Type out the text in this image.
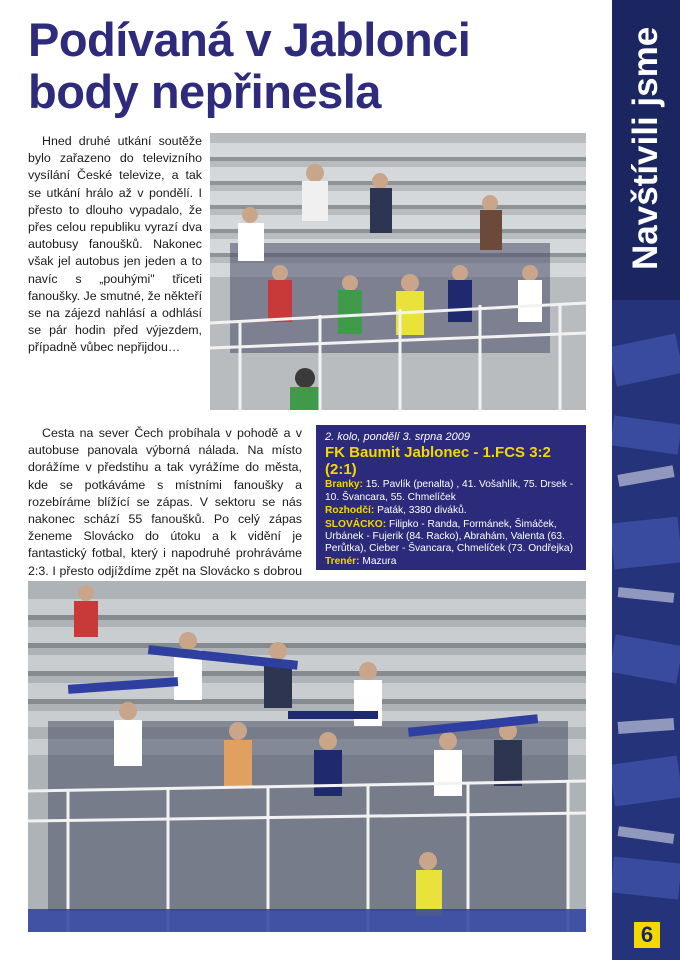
Podívaná v Jablonci
body nepřinesla

Hned druhé utkání soutěže bylo zařazeno do televizního vysílání České televize, a tak se utkání hrálo až v pondělí. I přesto to dlouho vypadalo, že přes celou republiku vyrazí dva autobusy fanoušků. Nakonec však jel autobus jen jeden a to navíc s „pouhými" třiceti fanoušky. Je smutné, že někteří se na zájezd nahlásí a odhlásí se pár hodin před výjezdem, případně vůbec nepřijdou…

Cesta na sever Čech probíhala v pohodě a v autobuse panovala výborná nálada. Na místo dorážíme v předstihu a tak vyrážíme do města, kde se potkáváme s místními fanoušky a rozebíráme blížící se zápas. V sektoru se nás nakonec schází 55 fanoušků. Po celý zápas ženeme Slovácko do útoku a k vidění je fantastický fotbal, který i napodruhé prohráváme 2:3. I přesto odjíždíme zpět na Slovácko s dobrou

2. kolo, pondělí 3. srpna 2009

FK Baumit Jablonec - 1.FCS 3:2 (2:1)

Branky: 15. Pavlík (penalta) , 41. Vošahlík, 75. Drsek - 10. Švancara, 55. Chmelíček

Rozhodčí: Paták, 3380 diváků.

SLOVÁCKO: Filipko - Randa, Formánek, Šimáček, Urbánek - Fujerik (84. Racko), Abrahám, Valenta (63. Perůtka), Cieber - Švancara, Chmelíček (73. Ondřejka) Trenér: Mazura

Navštívili jsme
6
